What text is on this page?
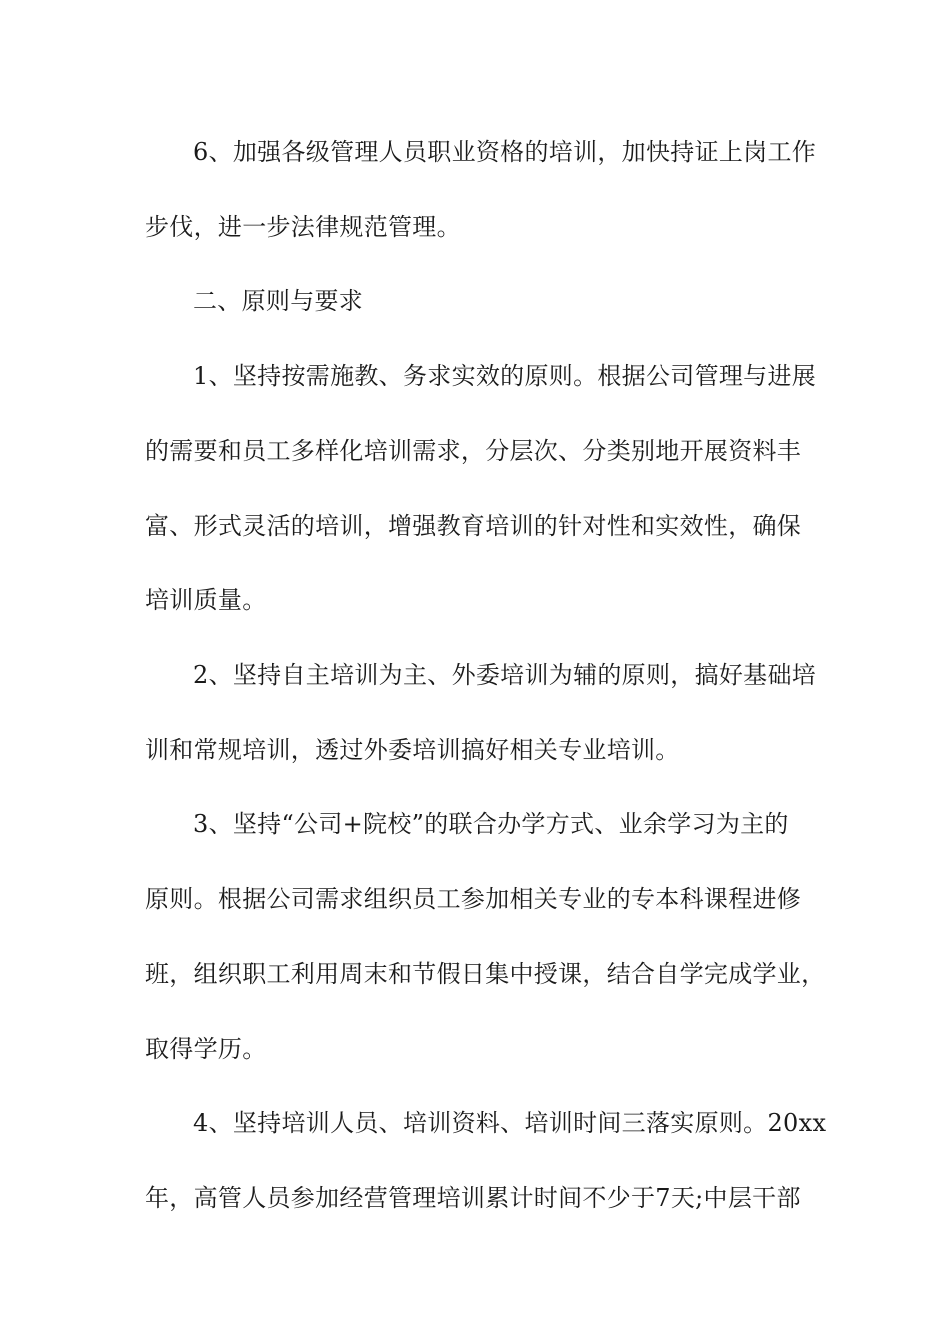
6、加强各级管理人员职业资格的培训，加快持证上岗工作
步伐，进一步法律规范管理。
二、原则与要求
1、坚持按需施教、务求实效的原则。根据公司管理与进展
的需要和员工多样化培训需求，分层次、分类别地开展资料丰
富、形式灵活的培训，增强教育培训的针对性和实效性，确保
培训质量。
2、坚持自主培训为主、外委培训为辅的原则，搞好基础培
训和常规培训，透过外委培训搞好相关专业培训。
3、坚持“公司+院校”的联合办学方式、业余学习为主的
原则。根据公司需求组织员工参加相关专业的专本科课程进修
班，组织职工利用周末和节假日集中授课，结合自学完成学业，
取得学历。
4、坚持培训人员、培训资料、培训时间三落实原则。20xx
年，高管人员参加经营管理培训累计时间不少于7天;中层干部
